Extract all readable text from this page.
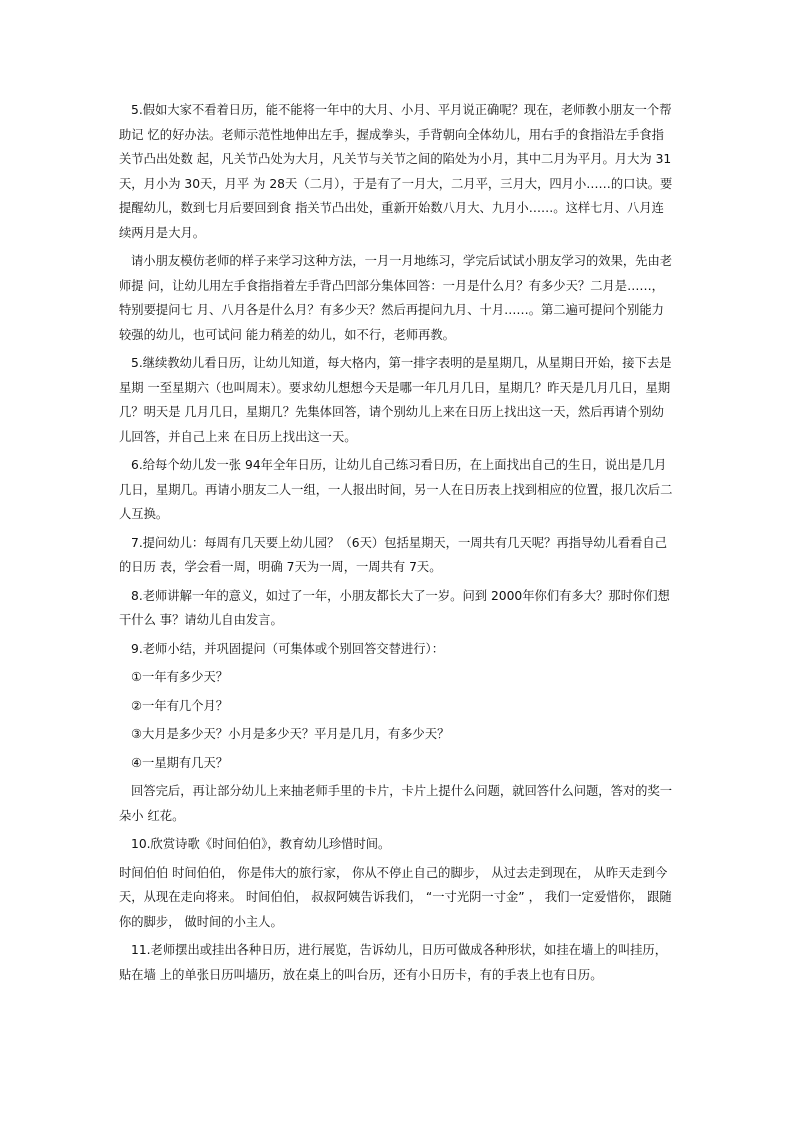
5.假如大家不看着日历，能不能将一年中的大月、小月、平月说正确呢？现在，老师教小朋友一个帮助记 忆的好办法。老师示范性地伸出左手，握成拳头，手背朝向全体幼儿，用右手的食指沿左手食指关节凸出处数 起，凡关节凸处为大月，凡关节与关节之间的陷处为小月，其中二月为平月。月大为 31天，月小为 30天，月平 为 28天（二月），于是有了一月大，二月平，三月大，四月小……的口诀。要提醒幼儿，数到七月后要回到食 指关节凸出处，重新开始数八月大、九月小……。这样七月、八月连续两月是大月。

请小朋友模仿老师的样子来学习这种方法，一月一月地练习，学完后试试小朋友学习的效果，先由老师提 问，让幼儿用左手食指指着左手背凸凹部分集体回答：一月是什么月？有多少天？二月是……，特别要提问七 月、八月各是什么月？有多少天？然后再提问九月、十月……。第二遍可提问个别能力较强的幼儿，也可试问 能力稍差的幼儿，如不行，老师再教。

5.继续教幼儿看日历，让幼儿知道，每大格内，第一排字表明的是星期几，从星期日开始，接下去是星期 一至星期六（也叫周末）。要求幼儿想想今天是哪一年几月几日，星期几？昨天是几月几日，星期几？明天是 几月几日，星期几？先集体回答，请个别幼儿上来在日历上找出这一天，然后再请个别幼儿回答，并自己上来 在日历上找出这一天。

6.给每个幼儿发一张 94年全年日历，让幼儿自己练习看日历，在上面找出自己的生日，说出是几月几日，星期几。再请小朋友二人一组，一人报出时间，另一人在日历表上找到相应的位置，报几次后二人互换。

7.提问幼儿：每周有几天要上幼儿园？（6天）包括星期天，一周共有几天呢？再指导幼儿看看自己的日历 表，学会看一周，明确 7天为一周，一周共有 7天。

8.老师讲解一年的意义，如过了一年，小朋友都长大了一岁。问到 2000年你们有多大？那时你们想干什么 事？请幼儿自由发言。

9.老师小结，并巩固提问（可集体或个别回答交替进行）：

①一年有多少天？

②一年有几个月？

③大月是多少天？小月是多少天？平月是几月，有多少天？

④一星期有几天？

回答完后，再让部分幼儿上来抽老师手里的卡片，卡片上提什么问题，就回答什么问题，答对的奖一朵小 红花。

10.欣赏诗歌《时间伯伯》，教育幼儿珍惜时间。

时间伯伯 时间伯伯， 你是伟大的旅行家， 你从不停止自己的脚步， 从过去走到现在， 从昨天走到今天，从现在走向将来。 时间伯伯， 叔叔阿姨告诉我们， “一寸光阴一寸金” ， 我们一定爱惜你， 跟随你的脚步， 做时间的小主人。

11.老师摆出或挂出各种日历，进行展览，告诉幼儿，日历可做成各种形状，如挂在墙上的叫挂历，贴在墙 上的单张日历叫墙历，放在桌上的叫台历，还有小日历卡，有的手表上也有日历。
